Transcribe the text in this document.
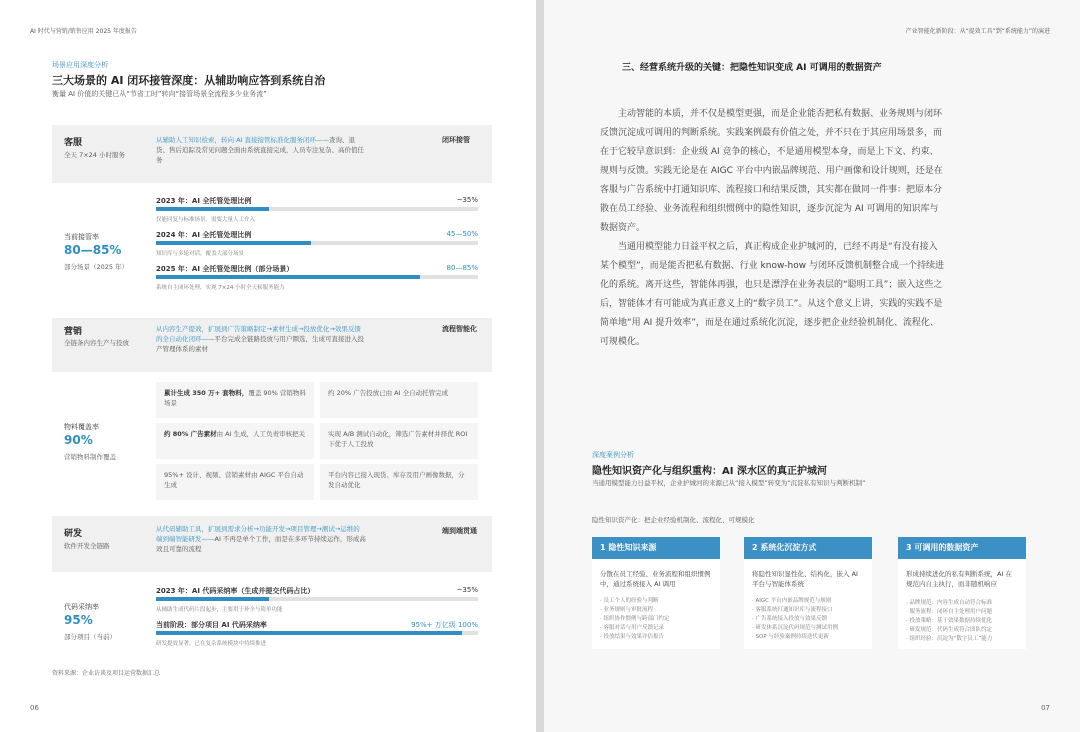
AI 时代与营销/销售应用 2025 年度报告
场景应用深度分析
三大场景的 AI 闭环接管深度：从辅助响应答到系统自治
衡量 AI 价值的关键已从“节省工时”转向“接管场景全流程多少业务流”
客服
全天 7×24 小时服务
从辅助人工知识检索，转向 AI 直接接管标准化服务闭环——查询、退货、售后追踪及常见问题全面由系统直接完成，人员专注复杂、高价值任务
闭环接管
当前接管率
80—85%
部分场景（2025 年）
2023 年：AI 全托管处理比例	~35%
仅能回复与标准场景，需要大量人工介入
2024 年：AI 全托管处理比例	45—50%
知识库与多轮对话，覆盖大部分场景
2025 年：AI 全托管处理比例（部分场景）	80—85%
系统自主闭环处理，实现 7×24 小时全天候服务能力
营销
全链条内容生产与投放
从内容生产提效，扩展到广告策略制定→素材生成→投放优化→效果反馈的全自动化闭环——平台完成全链路投放与用户圈选，生成可直接进入投产管理体系的素材
流程智能化
物料覆盖率
90%
营销物料制作覆盖
累计生成 350 万+ 套物料，覆盖 90% 营销物料场景
约 20% 广告投放已由 AI 全自动托管完成
约 80% 广告素材由 AI 生成，人工负责审核把关	实现 A/B 测试自动化，筛选广告素材并择优 ROI 下优于人工投放
95%+ 设计、视频、营销素材由 AIGC 平台自动生成
平台内容已接入现货、库存及用户画像数据，分发自动优化
研发
软件开发全链路
从代码辅助工具，扩展到需求分析→功能开发→项目管理→测试→运维的端到端智能研发——AI 不再是单个工作，而是在多环节持续运作，形成高效且可靠的流程
端到端贯通
代码采纳率
95%
部分项目（当前）
2023 年：AI 代码采纳率（生成并提交代码占比）	~35%
从辅助生成代码片段起步，主要用于补全与简单功能
当前阶段：部分项目 AI 代码采纳率	95%+ 万亿级 100%
研发提效显著，已在复杂系统模块中持续推进
资料来源：企业访谈及项目运营数据汇总
06
产业智能化新阶段：从“提效工具”到“系统能力”的演进
三、经营系统升级的关键：把隐性知识变成 AI 可调用的数据资产
主动智能的本质，并不仅是模型更强，而是企业能否把私有数据、业务规则与闭环反馈沉淀成可调用的判断系统。实践案例最有价值之处，并不只在于其应用场景多，而在于它较早意识到：企业级 AI 竞争的核心，不是通用模型本身，而是上下文、约束、规则与反馈。实践无论是在 AIGC 平台中内嵌品牌规范、用户画像和设计规则，还是在客服与广告系统中打通知识库、流程接口和结果反馈，其实都在做同一件事：把原本分散在员工经验、业务流程和组织惯例中的隐性知识，逐步沉淀为 AI 可调用的知识库与数据资产。
当通用模型能力日益平权之后，真正构成企业护城河的，已经不再是“有没有接入某个模型”，而是能否把私有数据、行业 know-how 与闭环反馈机制整合成一个持续进化的系统。离开这些，智能体再强，也只是漂浮在业务表层的“聪明工具”；嵌入这些之后，智能体才有可能成为真正意义上的“数字员工”。从这个意义上讲，实践的实践不是简单地“用 AI 提升效率”，而是在通过系统化沉淀，逐步把企业经验机制化、流程化、可规模化。
深度案例分析
隐性知识资产化与组织重构：AI 深水区的真正护城河
当通用模型能力日益平权，企业护城河的来源已从“接入模型”转变为“沉淀私有知识与判断机制”
隐性知识资产化：把企业经验机制化、流程化、可规模化
1 隐性知识来源
分散在员工经验、业务流程和组织惯例中，通过系统接入 AI 调用
· 员工个人的经验与判断
· 业务规则与审批流程
· 组织协作惯例与跨部门约定
· 客服对话与用户反馈记录
· 投放结果与效果评估报告
2 系统化沉淀方式
将隐性知识显性化、结构化，嵌入 AI 平台与智能体系统
· AIGC 平台内嵌品牌规范与规则
· 客服系统打通知识库与流程接口
· 广告系统接入投放与效果反馈
· 研发体系沉淀代码规范与测试用例
· SOP 与经验案例持续迭代更新
3 可调用的数据资产
形成持续进化的私有判断系统，AI 在规范内自主执行，而非随机响应
· 品牌规范：内容生成自动符合标准
· 服务流程：闭环自主处理用户问题
· 投放策略：基于效果数据持续优化
· 研发规范：代码生成符合团队约定
· 组织经验：沉淀为“数字员工”能力
07
